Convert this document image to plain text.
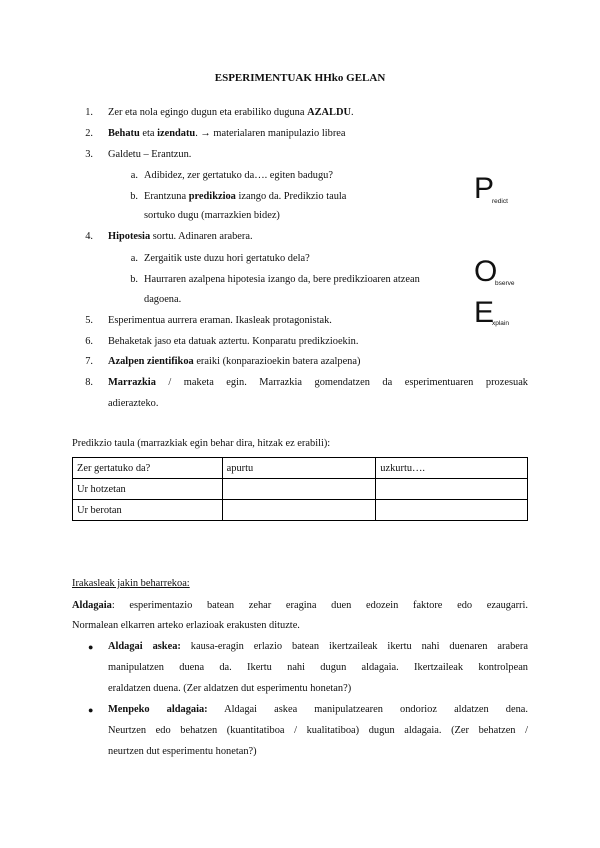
ESPERIMENTUAK HHko GELAN
1. Zer eta nola egingo dugun eta erabiliko duguna AZALDU.
2. Behatu eta izendatu. → materialaren manipulazio librea
3. Galdetu – Erantzun.
a. Adibidez, zer gertatuko da…. egiten badugu?
b. Erantzuna predikzioa izango da. Predikzio taula
sortuko dugu (marrazkien bidez)
4. Hipotesia sortu. Adinaren arabera.
a. Zergaitik uste duzu hori gertatuko dela?
b. Haurraren azalpena hipotesia izango da, bere predikzioaren atzean
dagoena.
5. Esperimentua aurrera eraman. Ikasleak protagonistak.
6. Behaketak jaso eta datuak aztertu. Konparatu predikzioekin.
7. Azalpen zientifikoa eraiki (konparazioekin batera azalpena)
8. Marrazkia / maketa egin. Marrazkia gomendatzen da esperimentuaren prozesuak
adierazteko.
P
redict
O
bserve
E
xplain
Predikzio taula (marrazkiak egin behar dira, hitzak ez erabili):
Zer gertatuko da?	apurtu	uzkurtu….
Ur hotzetan		
Ur berotan		
Irakasleak jakin beharrekoa:
Aldagaia: esperimentazio batean zehar eragina duen edozein faktore edo ezaugarri.
Normalean elkarren arteko erlazioak erakusten dituzte.
● Aldagai askea: kausa-eragin erlazio batean ikertzaileak ikertu nahi duenaren arabera
manipulatzen duena da. Ikertu nahi dugun aldagaia. Ikertzaileak kontrolpean
eraldatzen duena. (Zer aldatzen dut esperimentu honetan?)
● Menpeko aldagaia: Aldagai askea manipulatzearen ondorioz aldatzen dena.
Neurtzen edo behatzen (kuantitatiboa / kualitatiboa) dugun aldagaia. (Zer behatzen /
neurtzen dut esperimentu honetan?)
